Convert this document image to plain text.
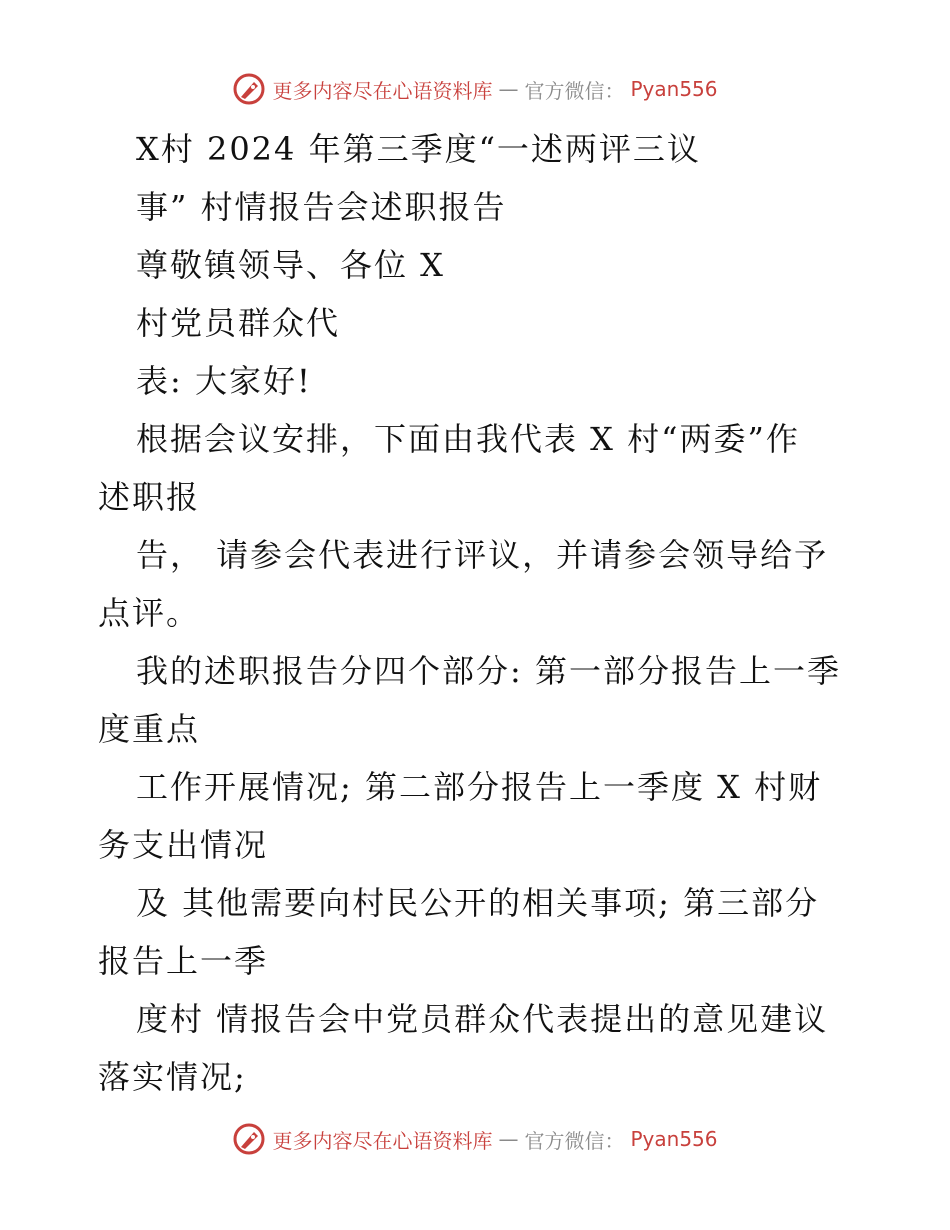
更多内容尽在心语资料库 — 官方微信： Pyan556

X村 2024 年第三季度“一述两评三议

事” 村情报告会述职报告

尊敬镇领导、各位 X

村党员群众代

表: 大家好!

根据会议安排，下面由我代表 X 村“两委”作

述职报

告， 请参会代表进行评议，并请参会领导给予

点评。

我的述职报告分四个部分: 第一部分报告上一季

度重点

工作开展情况; 第二部分报告上一季度 X 村财

务支出情况

及 其他需要向村民公开的相关事项; 第三部分

报告上一季

度村 情报告会中党员群众代表提出的意见建议

落实情况;

更多内容尽在心语资料库 — 官方微信： Pyan556
